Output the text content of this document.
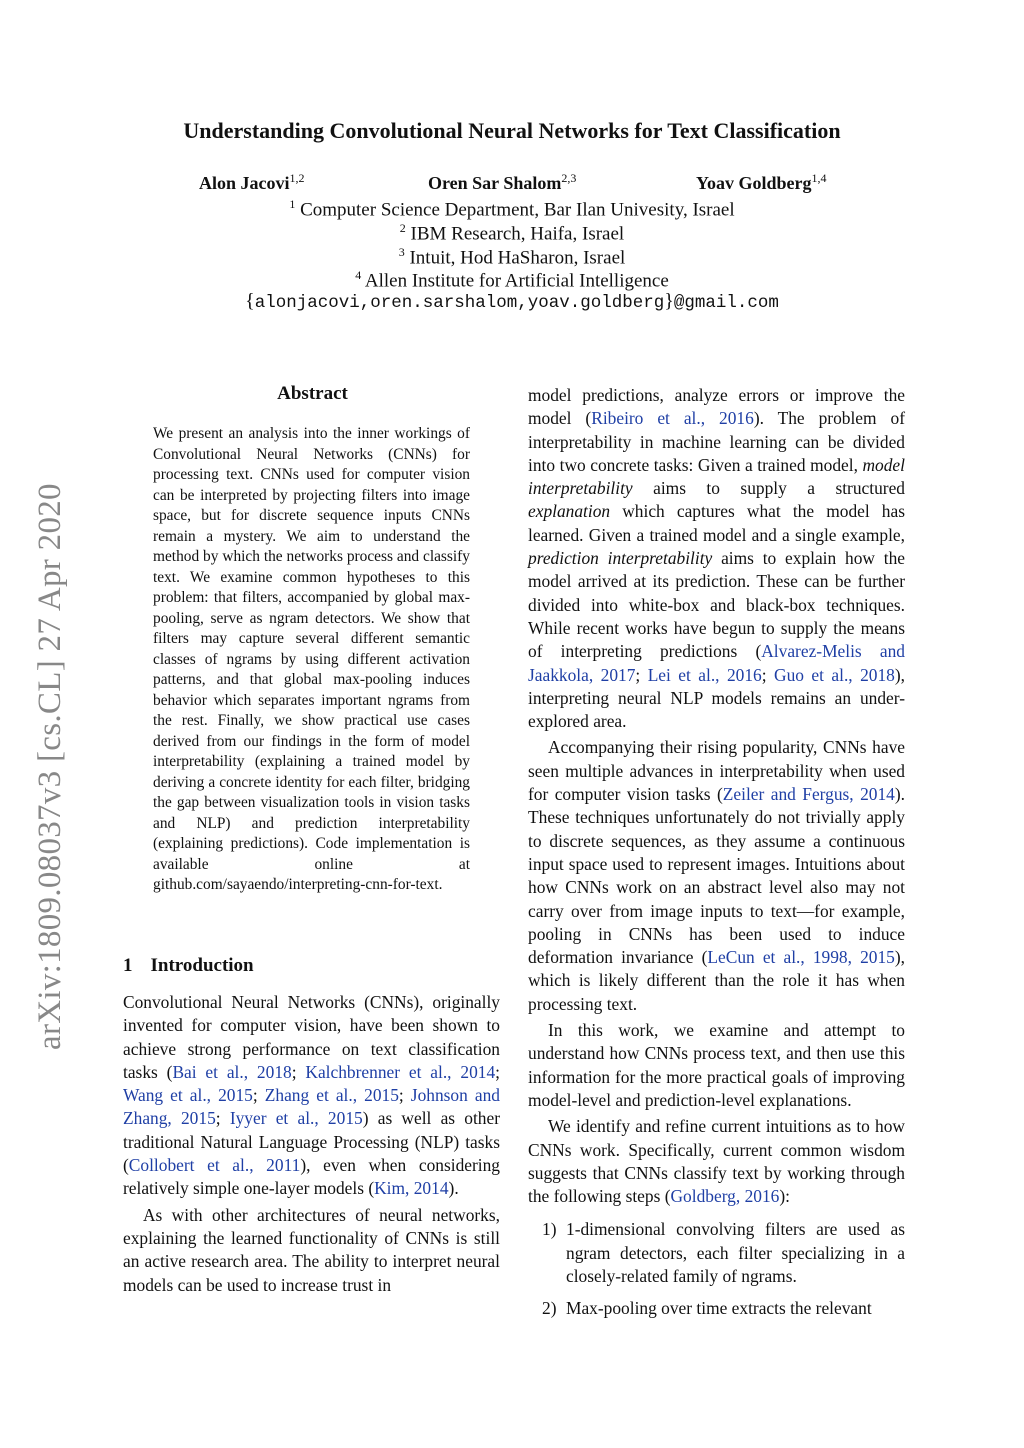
Understanding Convolutional Neural Networks for Text Classification
Alon Jacovi$^{1,2}$	Oren Sar Shalom$^{2,3}$	Yoav Goldberg$^{1,4}$
$^1$ Computer Science Department, Bar Ilan Univesity, Israel
$^2$ IBM Research, Haifa, Israel
$^3$ Intuit, Hod HaSharon, Israel
$^4$ Allen Institute for Artificial Intelligence
{alonjacovi,oren.sarshalom,yoav.goldberg}@gmail.com
arXiv:1809.08037v3 [cs.CL] 27 Apr 2020
Abstract

We present an analysis into the inner workings of Convolutional Neural Networks (CNNs) for processing text. CNNs used for computer vision can be interpreted by projecting filters into image space, but for discrete sequence inputs CNNs remain a mystery. We aim to understand the method by which the networks process and classify text. We examine common hypotheses to this problem: that filters, accompanied by global max-pooling, serve as ngram detectors. We show that filters may capture several different semantic classes of ngrams by using different activation patterns, and that global max-pooling induces behavior which separates important ngrams from the rest. Finally, we show practical use cases derived from our findings in the form of model interpretability (explaining a trained model by deriving a concrete identity for each filter, bridging the gap between visualization tools in vision tasks and NLP) and prediction interpretability (explaining predictions). Code implementation is available online at github.com/sayaendo/interpreting-cnn-for-text.

1 Introduction

Convolutional Neural Networks (CNNs), originally invented for computer vision, have been shown to achieve strong performance on text classification tasks (Bai et al., 2018; Kalchbrenner et al., 2014; Wang et al., 2015; Zhang et al., 2015; Johnson and Zhang, 2015; Iyyer et al., 2015) as well as other traditional Natural Language Processing (NLP) tasks (Collobert et al., 2011), even when considering relatively simple one-layer models (Kim, 2014).

As with other architectures of neural networks, explaining the learned functionality of CNNs is still an active research area. The ability to interpret neural models can be used to increase trust in

model predictions, analyze errors or improve the model (Ribeiro et al., 2016). The problem of interpretability in machine learning can be divided into two concrete tasks: Given a trained model, model interpretability aims to supply a structured explanation which captures what the model has learned. Given a trained model and a single example, prediction interpretability aims to explain how the model arrived at its prediction. These can be further divided into white-box and black-box techniques. While recent works have begun to supply the means of interpreting predictions (Alvarez-Melis and Jaakkola, 2017; Lei et al., 2016; Guo et al., 2018), interpreting neural NLP models remains an under-explored area.

Accompanying their rising popularity, CNNs have seen multiple advances in interpretability when used for computer vision tasks (Zeiler and Fergus, 2014). These techniques unfortunately do not trivially apply to discrete sequences, as they assume a continuous input space used to represent images. Intuitions about how CNNs work on an abstract level also may not carry over from image inputs to text—for example, pooling in CNNs has been used to induce deformation invariance (LeCun et al., 1998, 2015), which is likely different than the role it has when processing text.

In this work, we examine and attempt to understand how CNNs process text, and then use this information for the more practical goals of improving model-level and prediction-level explanations.

We identify and refine current intuitions as to how CNNs work. Specifically, current common wisdom suggests that CNNs classify text by working through the following steps (Goldberg, 2016):

1) 1-dimensional convolving filters are used as ngram detectors, each filter specializing in a closely-related family of ngrams.
2) Max-pooling over time extracts the relevant
